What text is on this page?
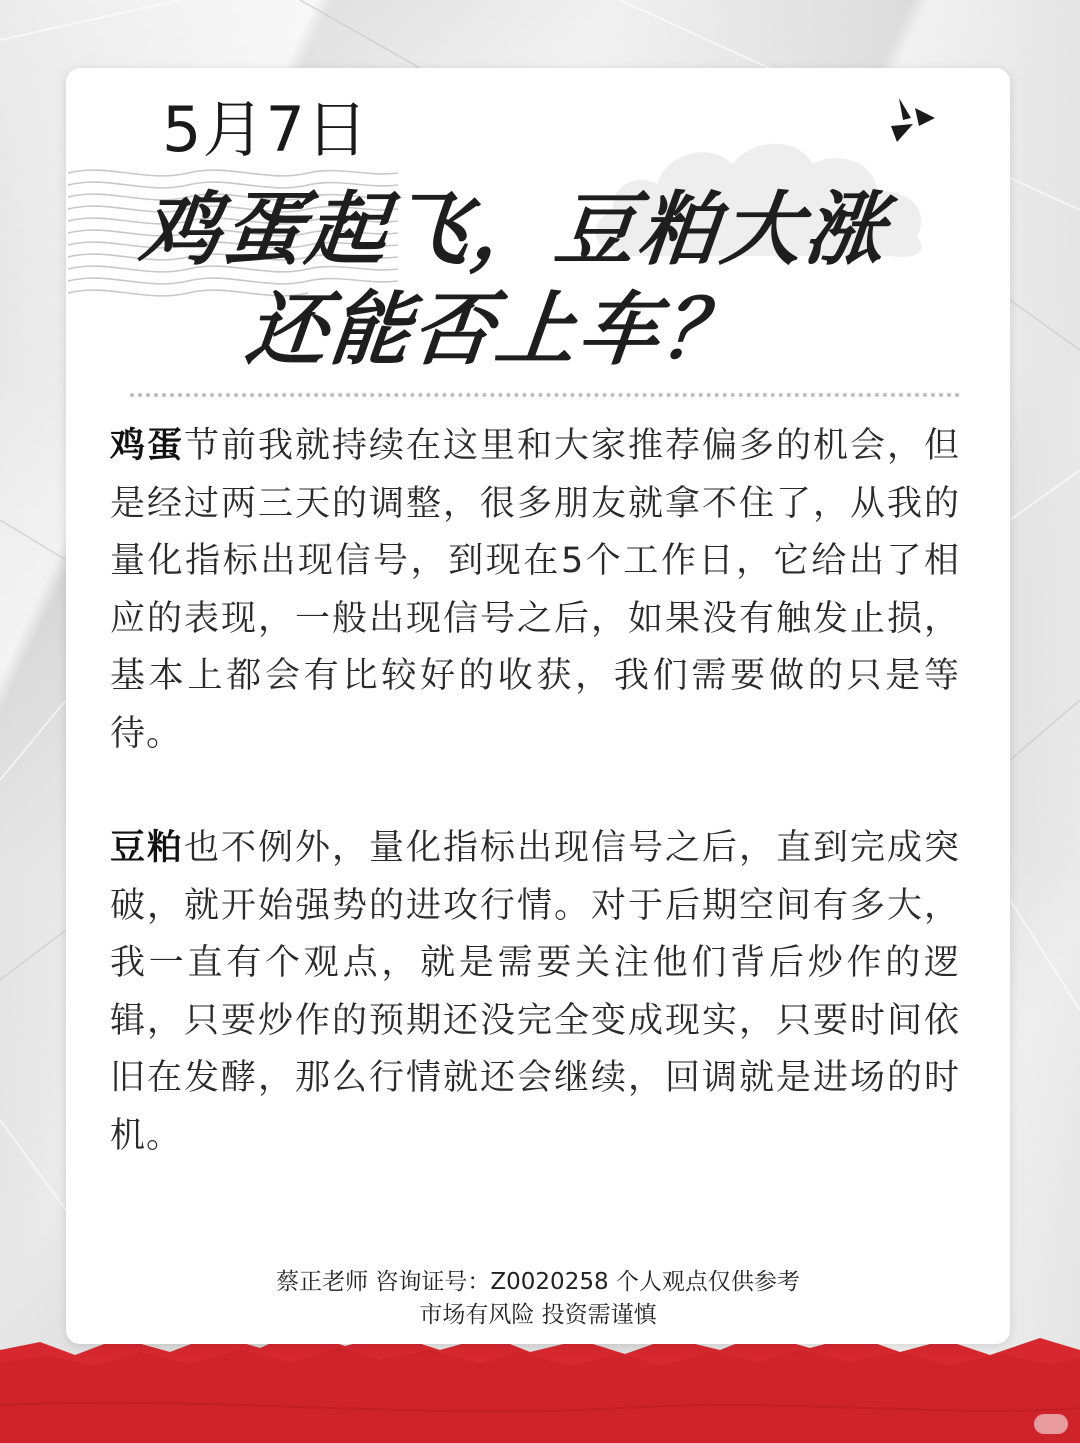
5月7日
鸡蛋起飞，豆粕大涨
还能否上车？

鸡蛋节前我就持续在这里和大家推荐偏多的机会，但是经过两三天的调整，很多朋友就拿不住了，从我的量化指标出现信号，到现在5个工作日，它给出了相应的表现，一般出现信号之后，如果没有触发止损，基本上都会有比较好的收获，我们需要做的只是等待。

豆粕也不例外，量化指标出现信号之后，直到完成突破，就开始强势的进攻行情。对于后期空间有多大，我一直有个观点，就是需要关注他们背后炒作的逻辑，只要炒作的预期还没完全变成现实，只要时间依旧在发酵，那么行情就还会继续，回调就是进场的时机。

蔡正老师 咨询证号：Z0020258 个人观点仅供参考
市场有风险 投资需谨慎
